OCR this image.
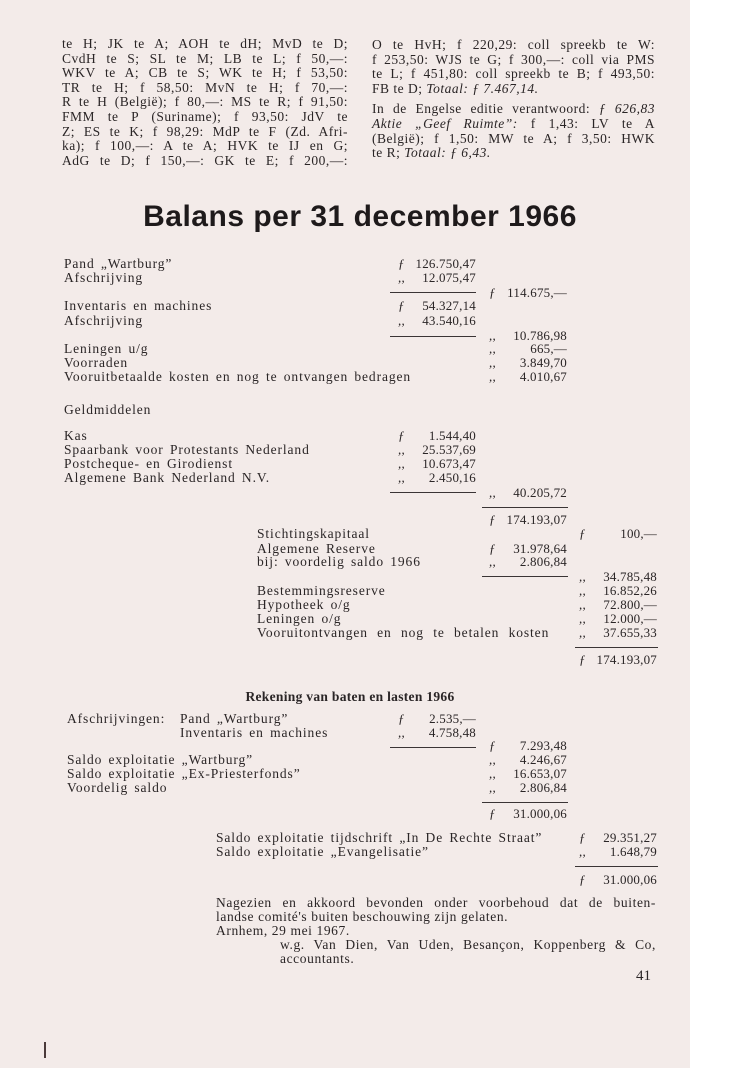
te H; JK te A; AOH te dH; MvD te D;
CvdH te S; SL te M; LB te L; f 50,—:
WKV te A; CB te S; WK te H; f 53,50:
TR te H; f 58,50: MvN te H; f 70,—:
R te H (België); f 80,—: MS te R; f 91,50:
FMM te P (Suriname); f 93,50: JdV te
Z; ES te K; f 98,29: MdP te F (Zd. Afri-
ka); f 100,—: A te A; HVK te IJ en G;
AdG te D; f 150,—: GK te E; f 200,—:
O te HvH; f 220,29: coll spreekb te W:
f 253,50: WJS te G; f 300,—: coll via PMS
te L; f 451,80: coll spreekb te B; f 493,50:
FB te D; Totaal: ƒ 7.467,14.
In de Engelse editie verantwoord: ƒ 626,83
Aktie „Geef Ruimte”: f 1,43: LV te A
(België); f 1,50: MW te A; f 3,50: HWK
te R; Totaal: ƒ 6,43.
Balans per 31 december 1966
Pand „Wartburg”	ƒ 126.750,47
Afschrijving	,, 12.075,47
ƒ 114.675,—
Inventaris en machines	ƒ 54.327,14
Afschrijving	,, 43.540,16
,, 10.786,98
Leningen u/g	,,	665,—
Voorraden	,, 3.849,70
Vooruitbetaalde kosten en nog te ontvangen bedragen	,, 4.010,67
Geldmiddelen
Kas	ƒ 1.544,40
Spaarbank voor Protestants Nederland	,, 25.537,69
Postcheque- en Girodienst	,, 10.673,47
Algemene Bank Nederland N.V.	,, 2.450,16
,, 40.205,72
ƒ 174.193,07
Stichtingskapitaal	ƒ	100,—
Algemene Reserve	ƒ 31.978,64
bij: voordelig saldo 1966	,, 2.806,84
,, 34.785,48
Bestemmingsreserve	,, 16.852,26
Hypotheek o/g	,, 72.800,—
Leningen o/g	,, 12.000,—
Vooruitontvangen en nog te betalen kosten ,, 37.655,33
ƒ 174.193,07
Rekening van baten en lasten 1966
Afschrijvingen: Pand „Wartburg”	ƒ 2.535,—
Inventaris en machines	,, 4.758,48
ƒ 7.293,48
Saldo exploitatie „Wartburg”	,, 4.246,67
Saldo exploitatie „Ex-Priesterfonds”	,, 16.653,07
Voordelig saldo	,, 2.806,84
ƒ 31.000,06
Saldo exploitatie tijdschrift „In De Rechte Straat”	ƒ 29.351,27
Saldo exploitatie „Evangelisatie”	,, 1.648,79
ƒ 31.000,06
Nagezien en akkoord bevonden onder voorbehoud dat de buiten-
landse comité's buiten beschouwing zijn gelaten.
Arnhem, 29 mei 1967.
w.g. Van Dien, Van Uden, Besançon, Koppenberg & Co,
accountants.
41
